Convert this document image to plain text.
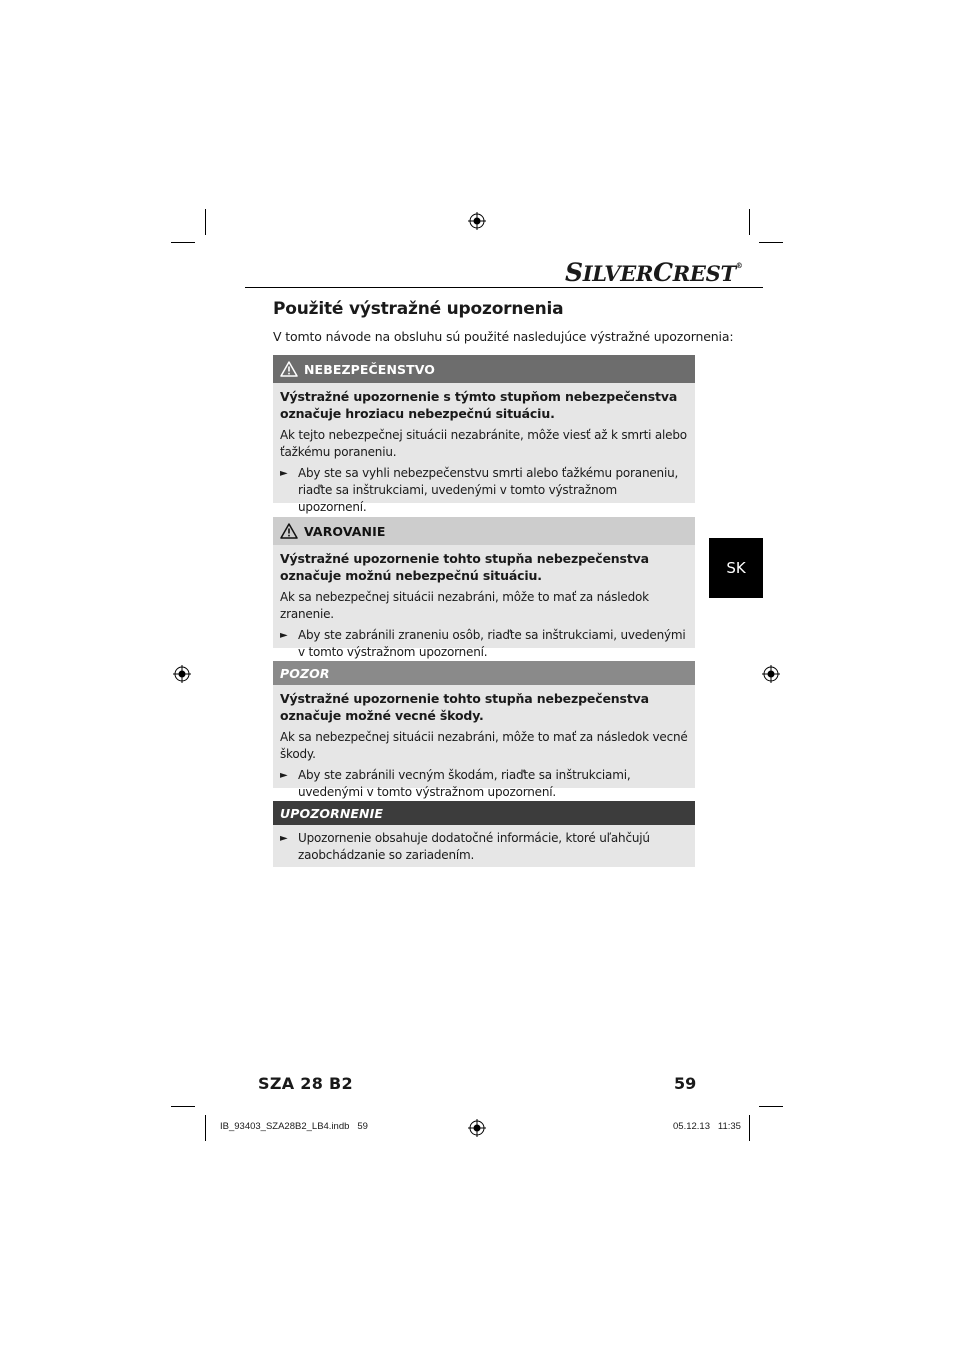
SILVERCREST®
Použité výstražné upozornenia
V tomto návode na obsluhu sú použité nasledujúce výstražné upozornenia:
NEBEZPEČENSTVO
Výstražné upozornenie s týmto stupňom nebezpečenstva označuje hroziacu nebezpečnú situáciu.
Ak tejto nebezpečnej situácii nezabránite, môže viesť až k smrti alebo ťažkému poraneniu.
► Aby ste sa vyhli nebezpečenstvu smrti alebo ťažkému poraneniu, riaďte sa inštrukciami, uvedenými v tomto výstražnom upozornení.
VAROVANIE
Výstražné upozornenie tohto stupňa nebezpečenstva označuje možnú nebezpečnú situáciu.
Ak sa nebezpečnej situácii nezabráni, môže to mať za následok zranenie.
► Aby ste zabránili zraneniu osôb, riaďte sa inštrukciami, uvedenými v tomto výstražnom upozornení.
POZOR
Výstražné upozornenie tohto stupňa nebezpečenstva označuje možné vecné škody.
Ak sa nebezpečnej situácii nezabráni, môže to mať za následok vecné škody.
► Aby ste zabránili vecným škodám, riaďte sa inštrukciami, uvedenými v tomto výstražnom upozornení.
UPOZORNENIE
► Upozornenie obsahuje dodatočné informácie, ktoré uľahčujú zaobchádzanie so zariadením.
SK
SZA 28 B2	59
IB_93403_SZA28B2_LB4.indb   59	05.12.13   11:35
